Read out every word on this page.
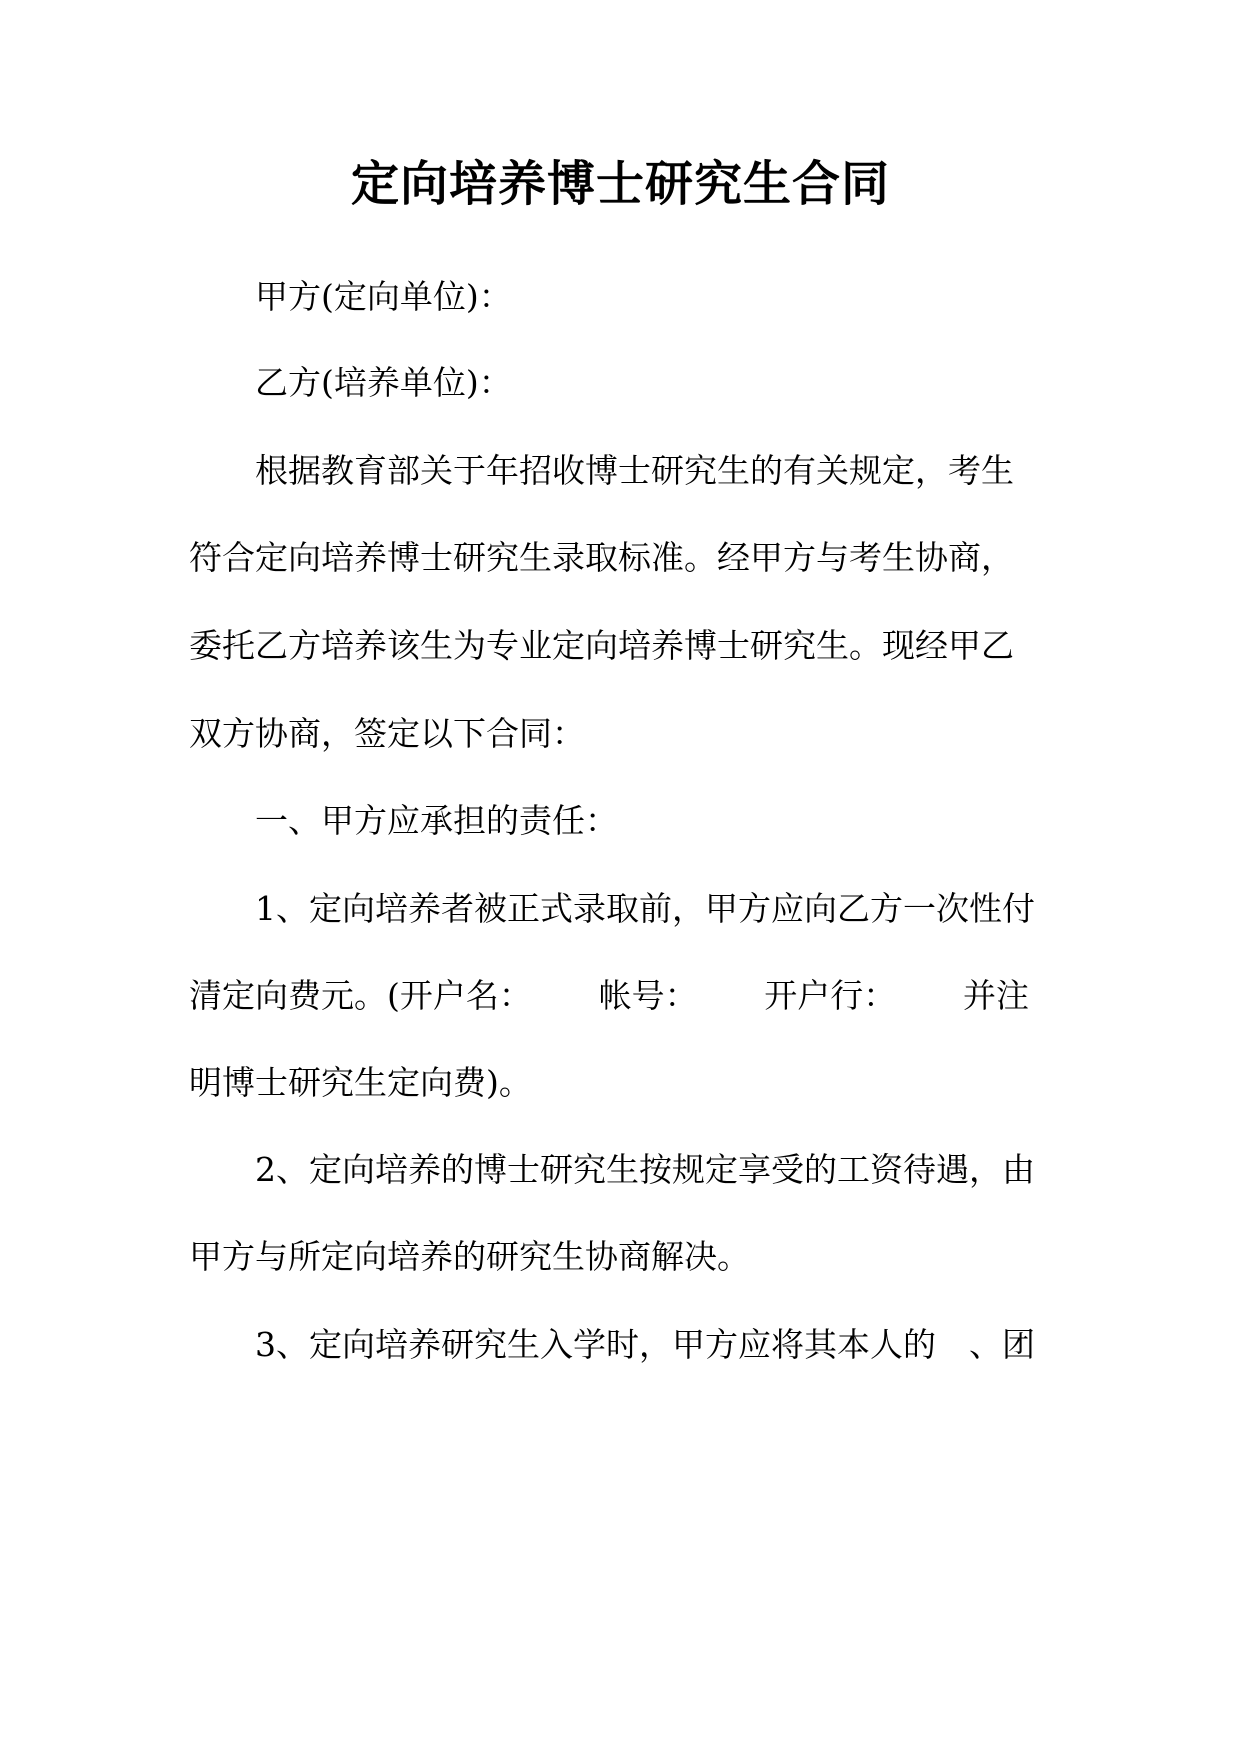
定向培养博士研究生合同
甲方(定向单位)：
乙方(培养单位)：
根据教育部关于年招收博士研究生的有关规定，考生
符合定向培养博士研究生录取标准。经甲方与考生协商，
委托乙方培养该生为专业定向培养博士研究生。现经甲乙
双方协商，签定以下合同：
一、甲方应承担的责任：
1、定向培养者被正式录取前，甲方应向乙方一次性付
清定向费元。(开户名： 帐号： 开户行： 并注
明博士研究生定向费)。
2、定向培养的博士研究生按规定享受的工资待遇，由
甲方与所定向培养的研究生协商解决。
3、定向培养研究生入学时，甲方应将其本人的　、团
